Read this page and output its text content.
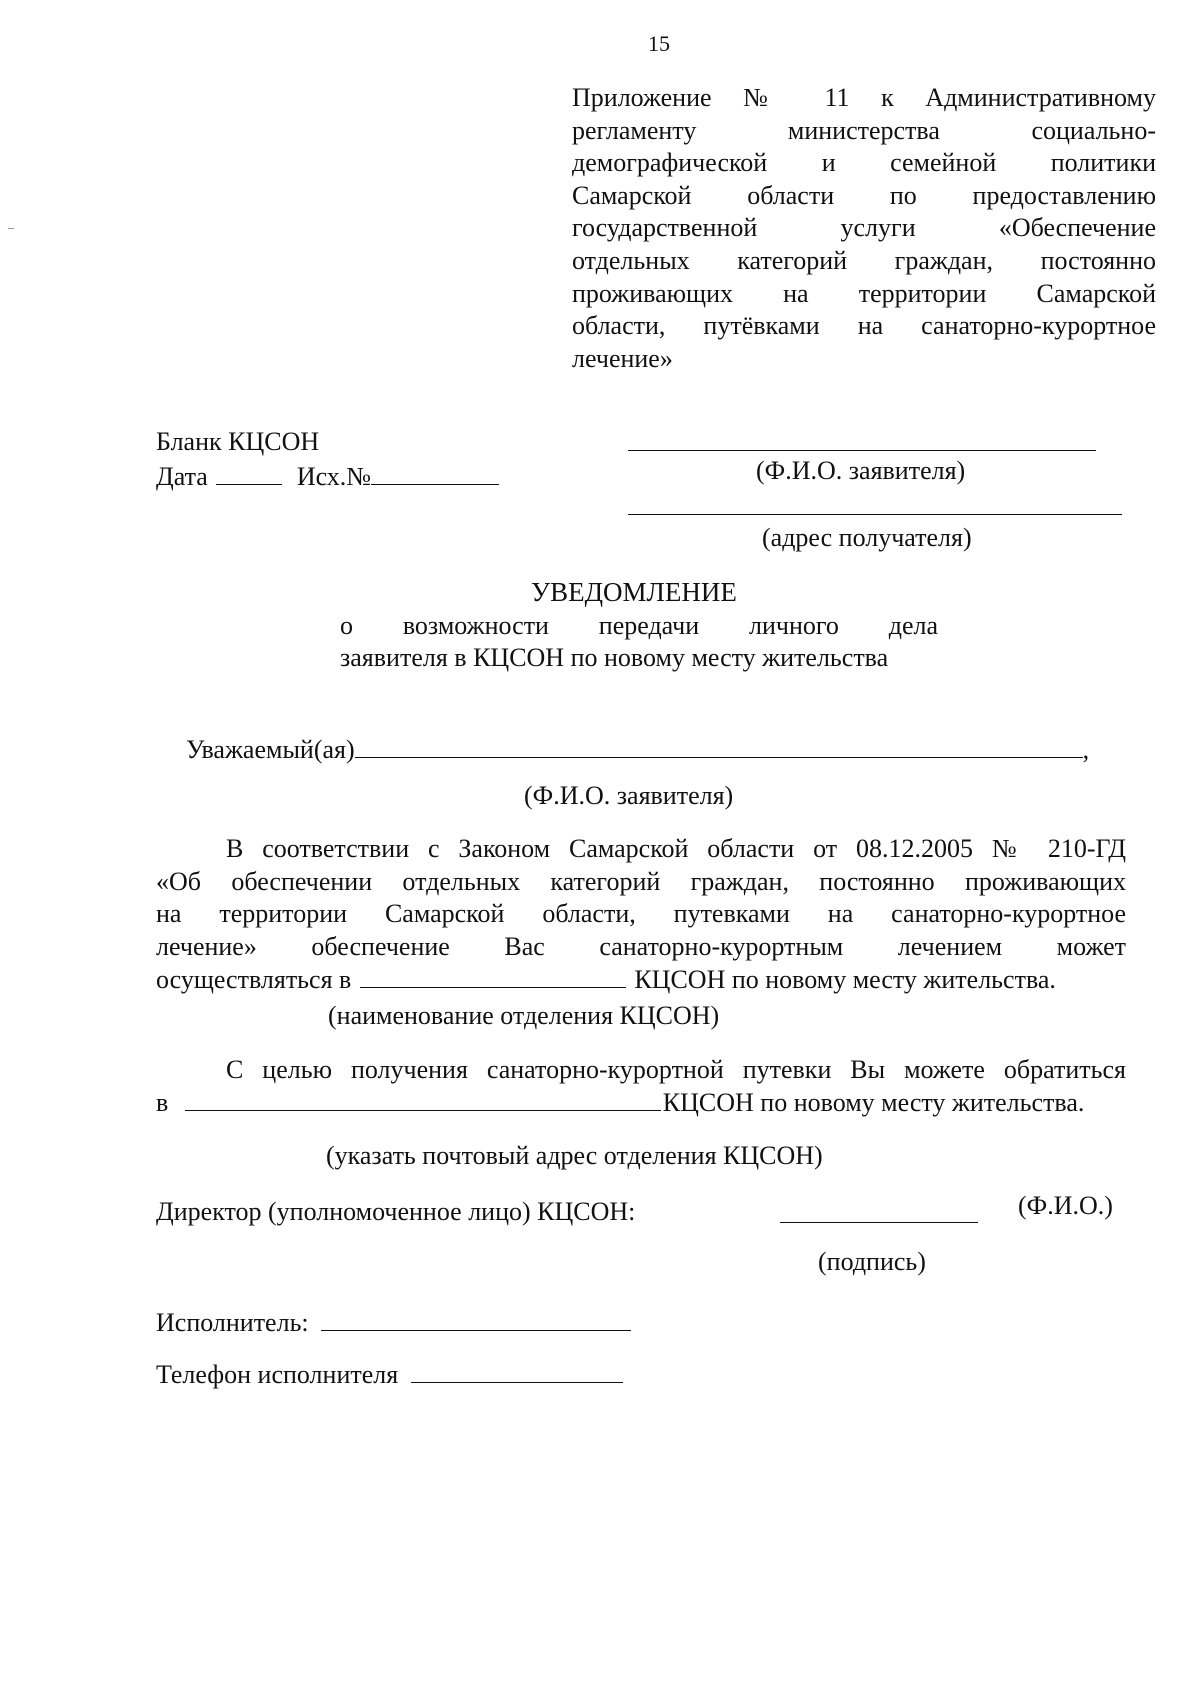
15
Приложение № 11 к Административному
регламенту министерства социально-
демографической и семейной политики
Самарской области по предоставлению
государственной услуги «Обеспечение
отдельных категорий граждан, постоянно
проживающих на территории Самарской
области, путёвками на санаторно-курортное
лечение»
Бланк КЦСОН
Дата	Исх.№	(Ф.И.О. заявителя)
(адрес получателя)
УВЕДОМЛЕНИЕ
о возможности передачи личного дела
заявителя в КЦСОН по новому месту жительства
Уважаемый(ая)	,
(Ф.И.О. заявителя)
В соответствии с Законом Самарской области от 08.12.2005 № 210-ГД
«Об обеспечении отдельных категорий граждан, постоянно проживающих
на территории Самарской области, путевками на санаторно-курортное
лечение» обеспечение Вас санаторно-курортным лечением может
осуществляться в	КЦСОН по новому месту жительства.
(наименование отделения КЦСОН)
С целью получения санаторно-курортной путевки Вы можете обратиться
в	КЦСОН по новому месту жительства.
(указать почтовый адрес отделения КЦСОН)
Директор (уполномоченное лицо) КЦСОН:	(Ф.И.О.)
(подпись)
Исполнитель:
Телефон исполнителя
